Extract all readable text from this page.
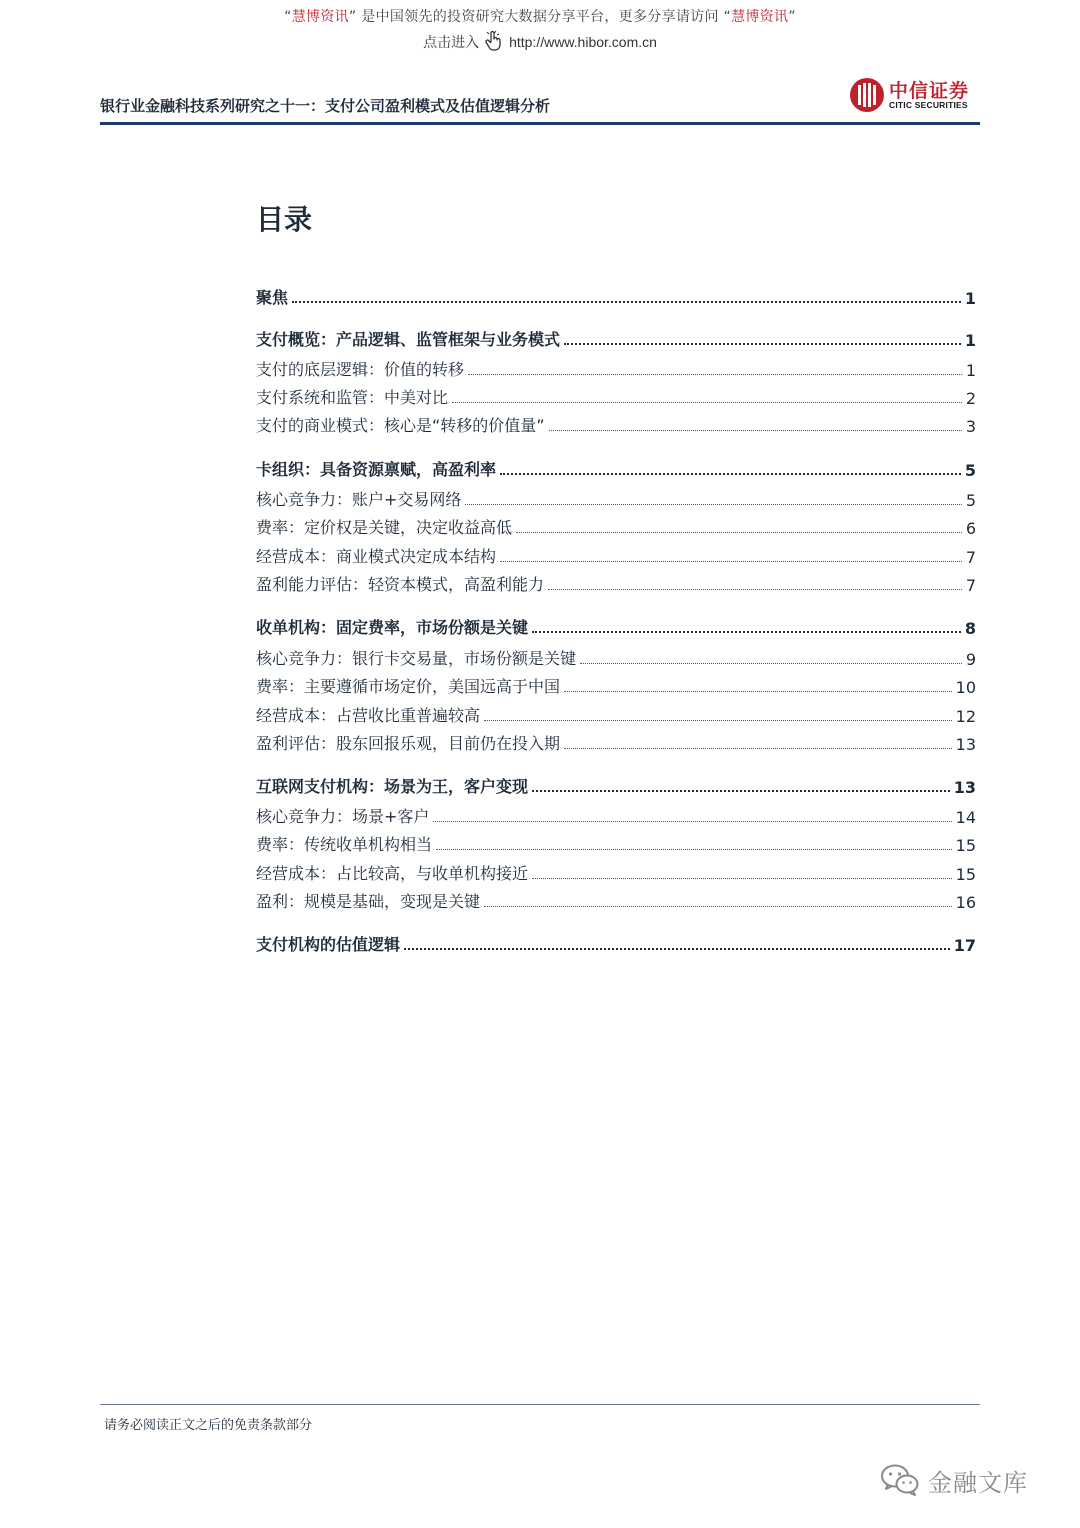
“慧博资讯” 是中国领先的投资研究大数据分享平台，更多分享请访问 “慧博资讯”
点击进入 http://www.hibor.com.cn
银行业金融科技系列研究之十一：支付公司盈利模式及估值逻辑分析
中信证券
CITIC SECURITIES
目录
聚焦	1
支付概览：产品逻辑、监管框架与业务模式	1
支付的底层逻辑：价值的转移	1
支付系统和监管：中美对比	2
支付的商业模式：核心是“转移的价值量”	3
卡组织：具备资源禀赋，高盈利率	5
核心竞争力：账户+交易网络	5
费率：定价权是关键，决定收益高低	6
经营成本：商业模式决定成本结构	7
盈利能力评估：轻资本模式，高盈利能力	7
收单机构：固定费率，市场份额是关键	8
核心竞争力：银行卡交易量，市场份额是关键	9
费率：主要遵循市场定价，美国远高于中国	10
经营成本：占营收比重普遍较高	12
盈利评估：股东回报乐观，目前仍在投入期	13
互联网支付机构：场景为王，客户变现	13
核心竞争力：场景+客户	14
费率：传统收单机构相当	15
经营成本：占比较高，与收单机构接近	15
盈利：规模是基础，变现是关键	16
支付机构的估值逻辑	17
请务必阅读正文之后的免责条款部分
金融文库
